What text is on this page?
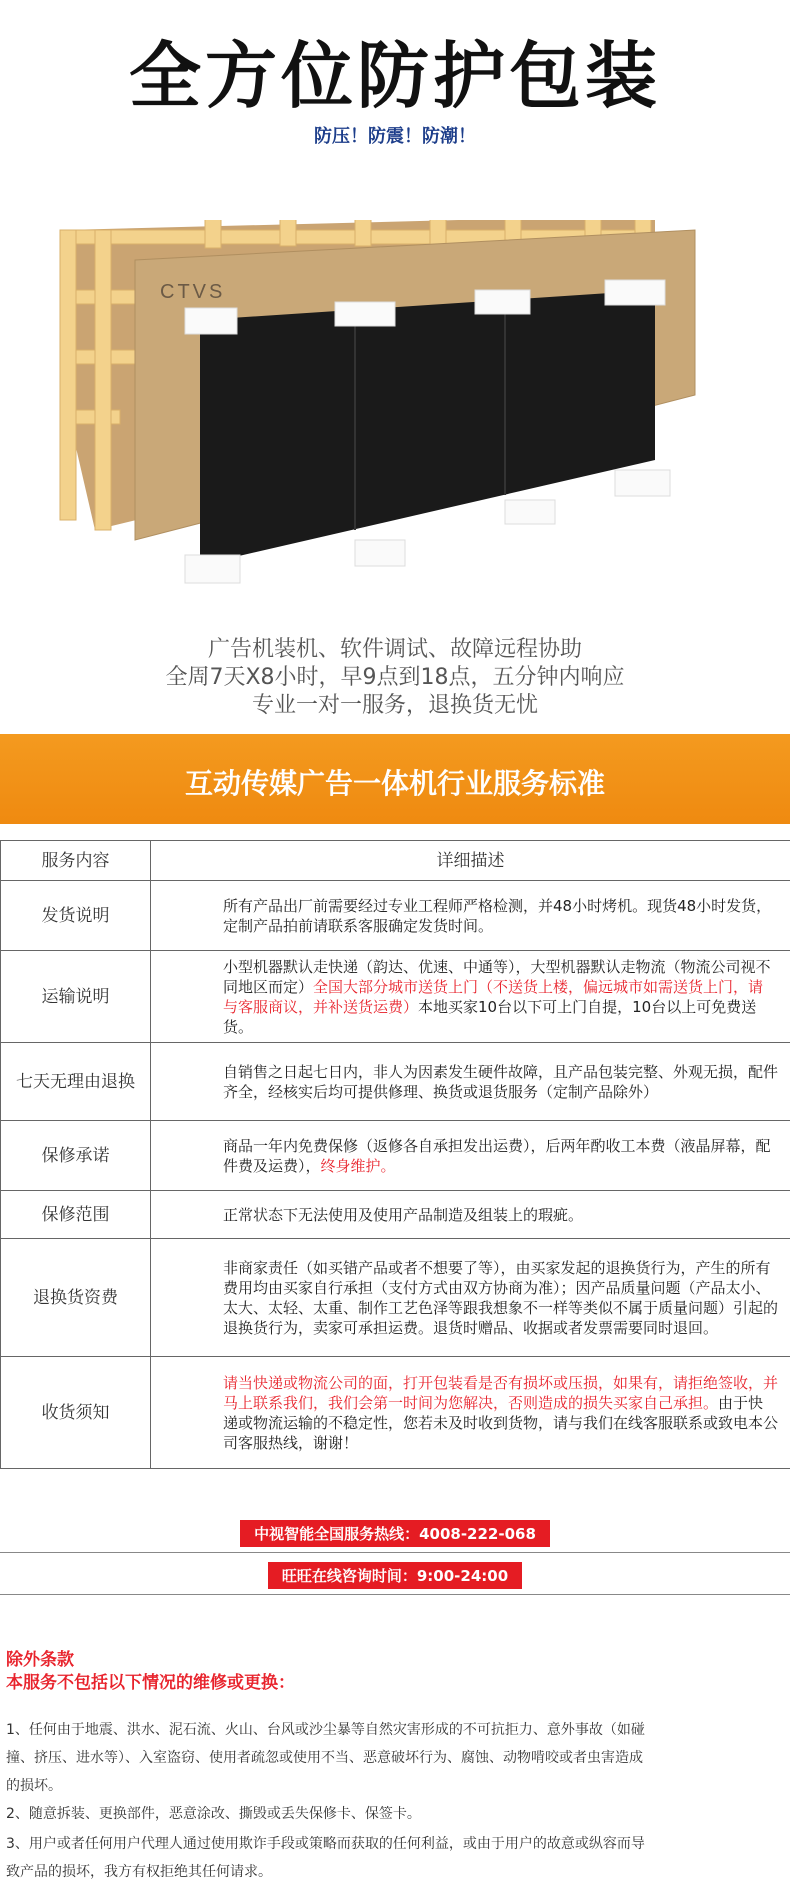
全方位防护包装
防压！防震！防潮！
CTVS
广告机装机、软件调试、故障远程协助
全周7天X8小时，早9点到18点，五分钟内响应
专业一对一服务，退换货无忧
互动传媒广告一体机行业服务标准
服务内容	详细描述
发货说明	所有产品出厂前需要经过专业工程师严格检测，并48小时烤机。现货48小时发货，定制产品拍前请联系客服确定发货时间。
运输说明	小型机器默认走快递（韵达、优速、中通等），大型机器默认走物流（物流公司视不同地区而定）全国大部分城市送货上门（不送货上楼，偏远城市如需送货上门，请与客服商议，并补送货运费）本地买家10台以下可上门自提，10台以上可免费送货。
七天无理由退换	自销售之日起七日内，非人为因素发生硬件故障，且产品包装完整、外观无损，配件齐全，经核实后均可提供修理、换货或退货服务（定制产品除外）
保修承诺	商品一年内免费保修（返修各自承担发出运费），后两年酌收工本费（液晶屏幕，配件费及运费），终身维护。
保修范围	正常状态下无法使用及使用产品制造及组装上的瑕疵。
退换货资费	非商家责任（如买错产品或者不想要了等），由买家发起的退换货行为，产生的所有费用均由买家自行承担（支付方式由双方协商为准）；因产品质量问题（产品太小、太大、太轻、太重、制作工艺色泽等跟我想象不一样等类似不属于质量问题）引起的退换货行为，卖家可承担运费。退货时赠品、收据或者发票需要同时退回。
收货须知	请当快递或物流公司的面，打开包装看是否有损坏或压损，如果有，请拒绝签收，并马上联系我们，我们会第一时间为您解决，否则造成的损失买家自己承担。由于快递或物流运输的不稳定性，您若未及时收到货物，请与我们在线客服联系或致电本公司客服热线，谢谢！
中视智能全国服务热线：4008-222-068
旺旺在线咨询时间：9:00-24:00
除外条款
本服务不包括以下情况的维修或更换：
1、任何由于地震、洪水、泥石流、火山、台风或沙尘暴等自然灾害形成的不可抗拒力、意外事故（如碰撞、挤压、进水等）、入室盗窃、使用者疏忽或使用不当、恶意破坏行为、腐蚀、动物啃咬或者虫害造成的损坏。
2、随意拆装、更换部件，恶意涂改、撕毁或丢失保修卡、保签卡。
3、用户或者任何用户代理人通过使用欺诈手段或策略而获取的任何利益，或由于用户的故意或纵容而导致产品的损坏，我方有权拒绝其任何请求。
